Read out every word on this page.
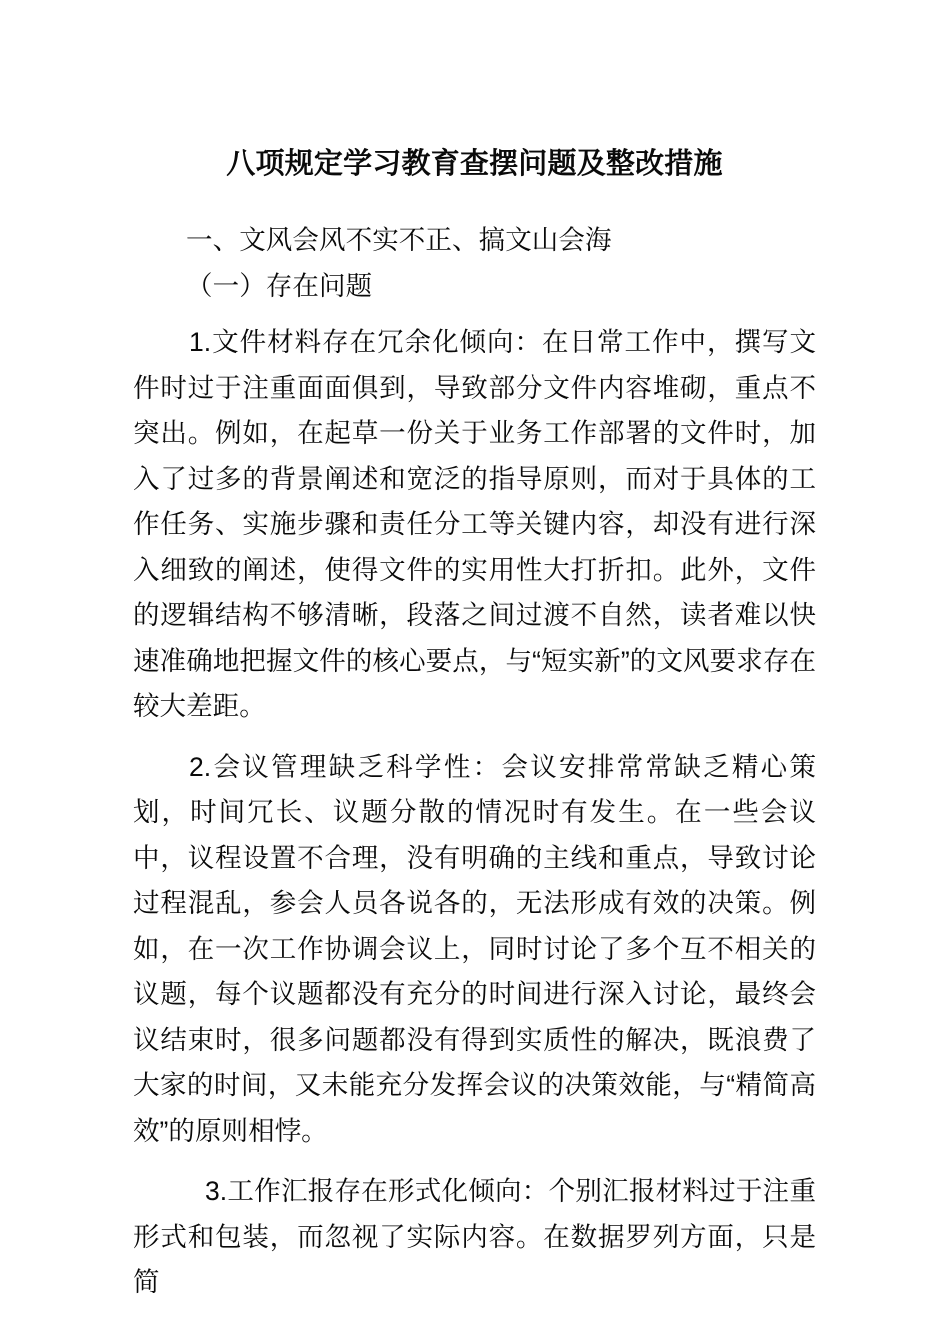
八项规定学习教育查摆问题及整改措施
一、文风会风不实不正、搞文山会海
（一）存在问题

1.文件材料存在冗余化倾向：在日常工作中，撰写文件时过于注重面面俱到，导致部分文件内容堆砌，重点不突出。例如，在起草一份关于业务工作部署的文件时，加入了过多的背景阐述和宽泛的指导原则，而对于具体的工作任务、实施步骤和责任分工等关键内容，却没有进行深入细致的阐述，使得文件的实用性大打折扣。此外，文件的逻辑结构不够清晰，段落之间过渡不自然，读者难以快速准确地把握文件的核心要点，与“短实新”的文风要求存在较大差距。

2.会议管理缺乏科学性：会议安排常常缺乏精心策划，时间冗长、议题分散的情况时有发生。在一些会议中，议程设置不合理，没有明确的主线和重点，导致讨论过程混乱，参会人员各说各的，无法形成有效的决策。例如，在一次工作协调会议上，同时讨论了多个互不相关的议题，每个议题都没有充分的时间进行深入讨论，最终会议结束时，很多问题都没有得到实质性的解决，既浪费了大家的时间，又未能充分发挥会议的决策效能，与“精简高效”的原则相悖。

3.工作汇报存在形式化倾向：个别汇报材料过于注重形式和包装，而忽视了实际内容。在数据罗列方面，只是简
